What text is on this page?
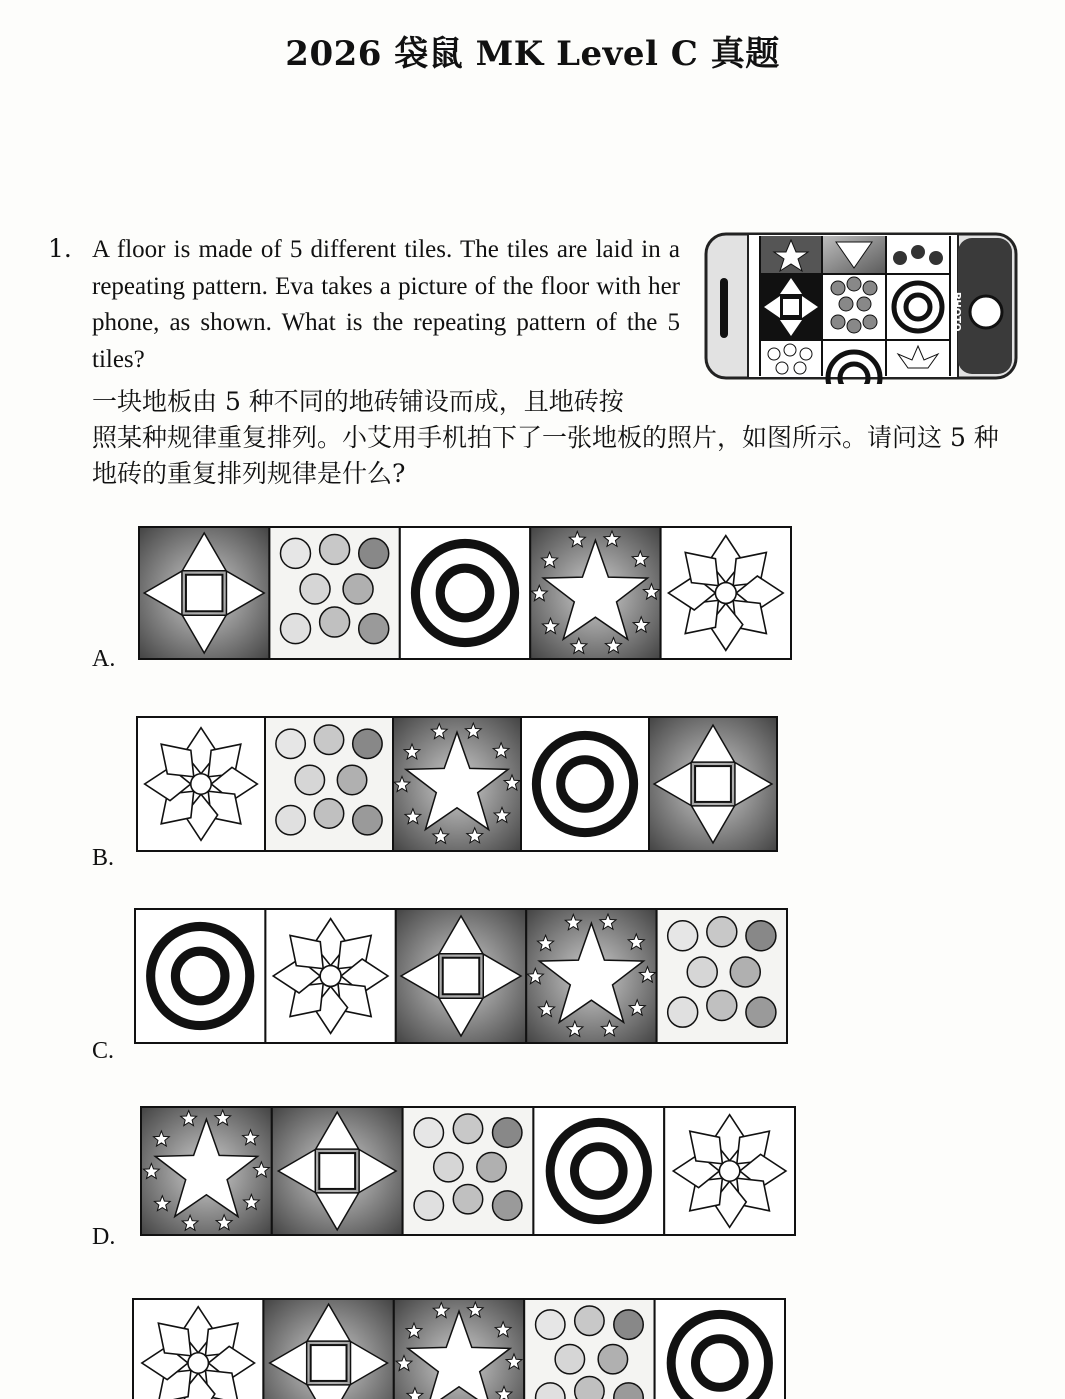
2026 袋鼠 MK Level C 真题
1. A floor is made of 5 different tiles. The tiles are laid in a repeating pattern. Eva takes a picture of the floor with her phone, as shown. What is the repeating pattern of the 5 tiles?
一块地板由 5 种不同的地砖铺设而成，且地砖按
照某种规律重复排列。小艾用手机拍下了一张地板的照片，如图所示。请问这 5 种地砖的重复排列规律是什么?
PHOTO
A.
B.
C.
D.
